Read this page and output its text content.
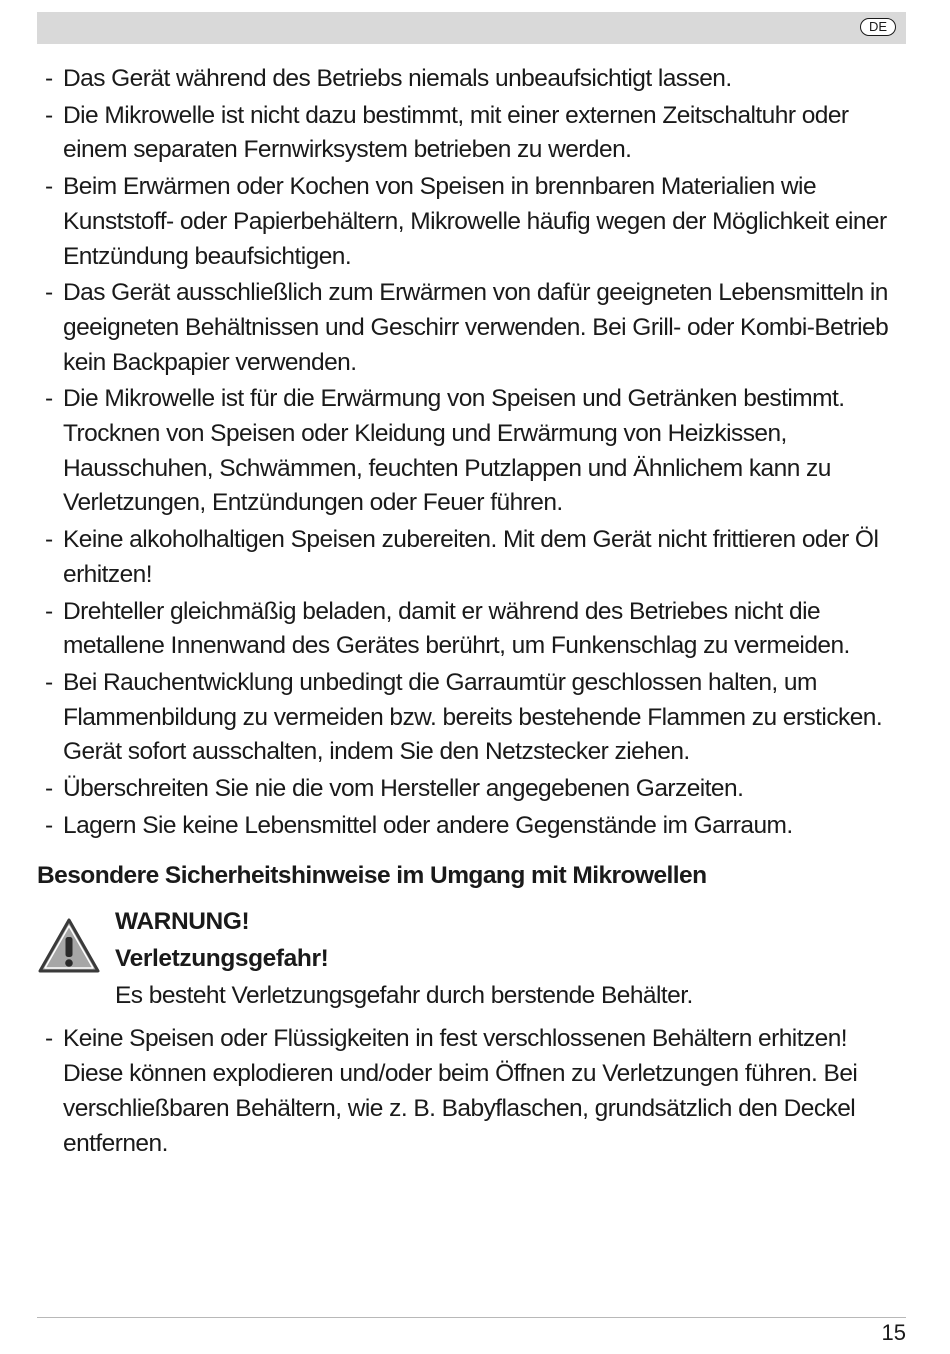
DE
- Das Gerät während des Betriebs niemals unbeaufsichtigt lassen.
- Die Mikrowelle ist nicht dazu bestimmt, mit einer externen Zeitschaltuhr oder einem separaten Fernwirksystem betrieben zu werden.
- Beim Erwärmen oder Kochen von Speisen in brennbaren Materialien wie Kunststoff- oder Papierbehältern, Mikrowelle häufig wegen der Möglichkeit einer Entzündung beaufsichtigen.
- Das Gerät ausschließlich zum Erwärmen von dafür geeigneten Lebensmitteln in geeigneten Behältnissen und Geschirr verwenden. Bei Grill- oder Kombi-Betrieb kein Backpapier verwenden.
- Die Mikrowelle ist für die Erwärmung von Speisen und Getränken bestimmt. Trocknen von Speisen oder Kleidung und Erwärmung von Heizkissen, Hausschuhen, Schwämmen, feuchten Putzlappen und Ähnlichem kann zu Verletzungen, Entzündungen oder Feuer führen.
- Keine alkoholhaltigen Speisen zubereiten. Mit dem Gerät nicht frittieren oder Öl erhitzen!
- Drehteller gleichmäßig beladen, damit er während des Betriebes nicht die metallene Innenwand des Gerätes berührt, um Funkenschlag zu vermeiden.
- Bei Rauchentwicklung unbedingt die Garraumtür geschlossen halten, um Flammenbildung zu vermeiden bzw. bereits bestehende Flammen zu ersticken. Gerät sofort ausschalten, indem Sie den Netzstecker ziehen.
- Überschreiten Sie nie die vom Hersteller angegebenen Garzeiten.
- Lagern Sie keine Lebensmittel oder andere Gegenstände im Garraum.
Besondere Sicherheitshinweise im Umgang mit Mikrowellen
WARNUNG!
Verletzungsgefahr!
Es besteht Verletzungsgefahr durch berstende Behälter.
- Keine Speisen oder Flüssigkeiten in fest verschlossenen Behältern erhitzen! Diese können explodieren und/oder beim Öffnen zu Verletzungen führen. Bei verschließbaren Behältern, wie z. B. Babyflaschen, grundsätzlich den Deckel entfernen.
15
